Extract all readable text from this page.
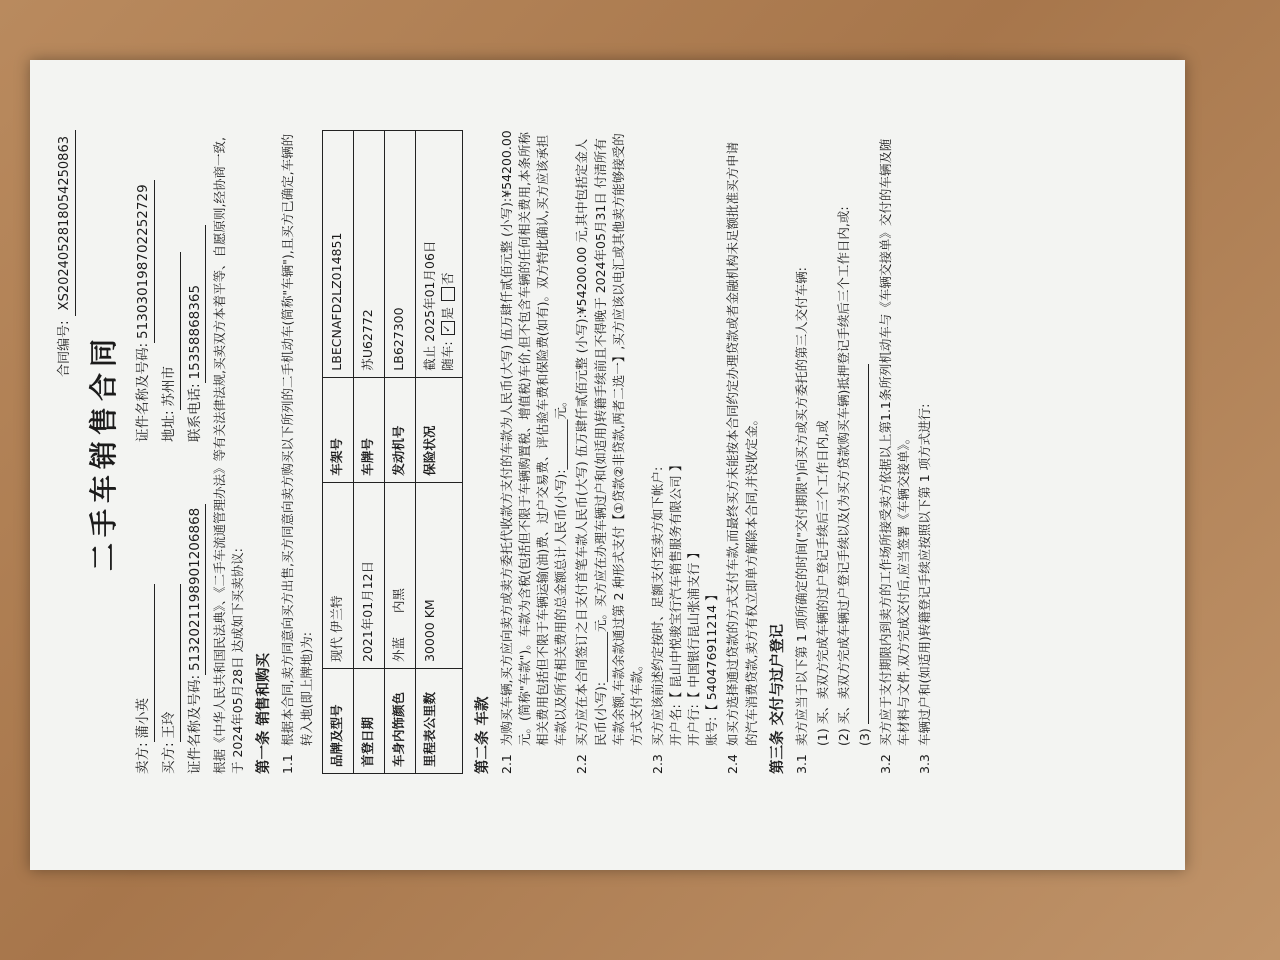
合同编号: XS2024052818054250863
二手车销售合同
卖方:蒲小英
证件名称及号码:51303019870225​2729
买方:王玲
地址:苏州市
证件名称及号码:513202119890120​6868
联系电话:15358868365 根据《中华人民共和国民法典》、《二手车流通管理办法》等有关法律法规,买卖双方本着平等、自愿原则,经协商一致,于 2024年05月28日 达成如下买卖协议: 第一条 销售和购买 1.1
根据本合同,卖方同意向买方出售,买方同意向卖方购买以下所列的二手机动车(简称"车辆"),且买方已确定,车辆的转入地(即上牌地)为: 品牌及型号	现代 伊兰特	车架号	LBECNAFD2LZ014851
首登日期	2021年01月12日	车牌号	苏U62772
车身内饰颜色	外蓝      内黑	发动机号	LB627300
里程表公里数	30000 KM	保险状况	截止 2025年01月06日 随车: ✓是 否
第二条 车款 2.1
为购买车辆,买方应向卖方或卖方委托代收款方支付的车款为人民币(大写) 伍万肆仟贰佰元整 (小写):¥54200.00 元。(简称"车款")。车款为含税(包括但不限于车辆购置税、增值税)车价,但不包含车辆的任何相关费用,本条所称相关费用包括但不限于车辆运输(油)费、过户交易费、评估验车费和保险费(如有)。双方特此确认,买方应该承担车款以及所有相关费用的总金额总计人民币(小写):________元。
2.2
买方应在本合同签订之日支付首笔车款人民币(大写) 伍万肆仟贰佰元整 (小写):¥54200.00 元,其中包括定金人民币(小写):________元。买方应在办理车辆过户和(如适用)转籍手续前且不得晚于 2024年05月31日 付清所有车款余额,车款余款通过第 2 种形式支付【①贷款②非贷款,两者二选一】,买方应该以电汇或其他卖方能够接受的方式支付车款。
2.3
买方应该前述约定按时、足额支付至卖方如下帐户: 开户名:【 昆山中悦骏宝行汽车销售服务有限公司 】
开户行:【 中国银行昆山张浦支行 】
账号:【 540476911214 】
2.4
如买方选择通过贷款的方式支付车款,而最终买方未能按本合同约定办理贷款或者金融机构未足额批准买方申请的汽车消费贷款,卖方有权立即单方解除本合同,并没收定金。 第三条 交付与过户登记 3.1
卖方应当于以下第 1 项所确定的时间("交付期限")向买方或买方委托的第三人交付车辆: (1) 买、卖双方完成车辆的过户登记手续后三个工作日内,或 (2) 买、卖双方完成车辆过户登记手续以及(为买方贷款购买车辆)抵押登记手续后三个工作日内,或: (3)

3.2
买方应于支付期限内到卖方的工作场所接受卖方依据以上第1.1条所列机动车与《车辆交接单》交付的车辆及随车材料与文件,双方完成交付后,应当签署《车辆交接单》。
3.3
车辆过户和(如适用)转籍登记手续应按照以下第 1 项方式进行:
